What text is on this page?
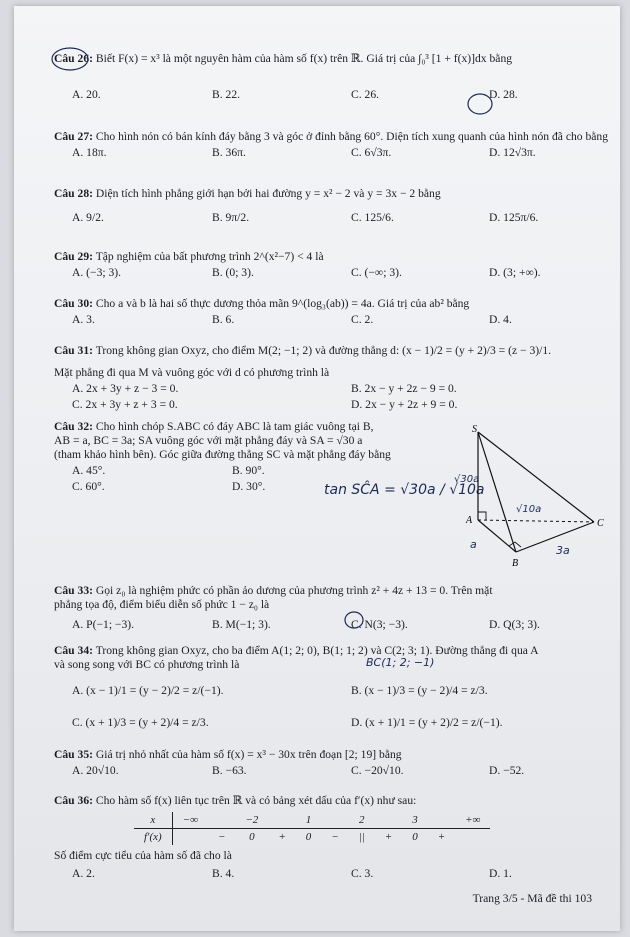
Câu 26: Biết F(x) = x³ là một nguyên hàm của hàm số f(x) trên ℝ. Giá trị của ∫₀³ [1 + f(x)]dx bằng

A. 20.	B. 22.	C. 26.	D. 28.

Câu 27: Cho hình nón có bán kính đáy bằng 3 và góc ở đỉnh bằng 60°. Diện tích xung quanh của hình nón đã cho bằng

A. 18π.	B. 36π.	C. 6√3π.	D. 12√3π.

Câu 28: Diện tích hình phẳng giới hạn bởi hai đường y = x² − 2 và y = 3x − 2 bằng

A. 9/2.	B. 9π/2.	C. 125/6.	D. 125π/6.

Câu 29: Tập nghiệm của bất phương trình 2^(x²−7) < 4 là

A. (−3; 3).	B. (0; 3).	C. (−∞; 3).	D. (3; +∞).

Câu 30: Cho a và b là hai số thực dương thỏa mãn 9^(log₃(ab)) = 4a. Giá trị của ab² bằng

A. 3.	B. 6.	C. 2.	D. 4.

Câu 31: Trong không gian Oxyz, cho điểm M(2; −1; 2) và đường thẳng d: (x − 1)/2 = (y + 2)/3 = (z − 3)/1.

Mặt phẳng đi qua M và vuông góc với d có phương trình là

A. 2x + 3y + z − 3 = 0.	B. 2x − y + 2z − 9 = 0.
C. 2x + 3y + z + 3 = 0.	D. 2x − y + 2z + 9 = 0.

Câu 32: Cho hình chóp S.ABC có đáy ABC là tam giác vuông tại B,

AB = a, BC = 3a; SA vuông góc với mặt phẳng đáy và SA = √30 a

(tham khảo hình bên). Góc giữa đường thẳng SC và mặt phẳng đáy bằng

A. 45°.	B. 90°.
C. 60°.	D. 30°.	tan SĈA = √30a / √10a
√30a
S
A
B
C
√10a
a	3a

Câu 33: Gọi z₀ là nghiệm phức có phần ảo dương của phương trình z² + 4z + 13 = 0. Trên mặt

phẳng tọa độ, điểm biểu diễn số phức 1 − z₀ là

A. P(−1; −3).	B. M(−1; 3).	C. N(3; −3).	D. Q(3; 3).

Câu 34: Trong không gian Oxyz, cho ba điểm A(1; 2; 0), B(1; 1; 2) và C(2; 3; 1). Đường thẳng đi qua A

và song song với BC có phương trình là

A. (x − 1)/1 = (y − 2)/2 = z/(−1).	B. (x − 1)/3 = (y − 2)/4 = z/3.
C. (x + 1)/3 = (y + 2)/4 = z/3.	D. (x + 1)/1 = (y + 2)/2 = z/(−1).
BC(1; 2; −1)

Câu 35: Giá trị nhỏ nhất của hàm số f(x) = x³ − 30x trên đoạn [2; 19] bằng

A. 20√10.	B. −63.	C. −20√10.	D. −52.

Câu 36: Cho hàm số f(x) liên tục trên ℝ và có bảng xét dấu của f′(x) như sau:

x	−∞		−2		1		2		3		+∞
f′(x)		−	0	+	0	−	||	+	0	+	

Số điểm cực tiểu của hàm số đã cho là

A. 2.	B. 4.	C. 3.	D. 1.
Trang 3/5 - Mã đề thi 103
